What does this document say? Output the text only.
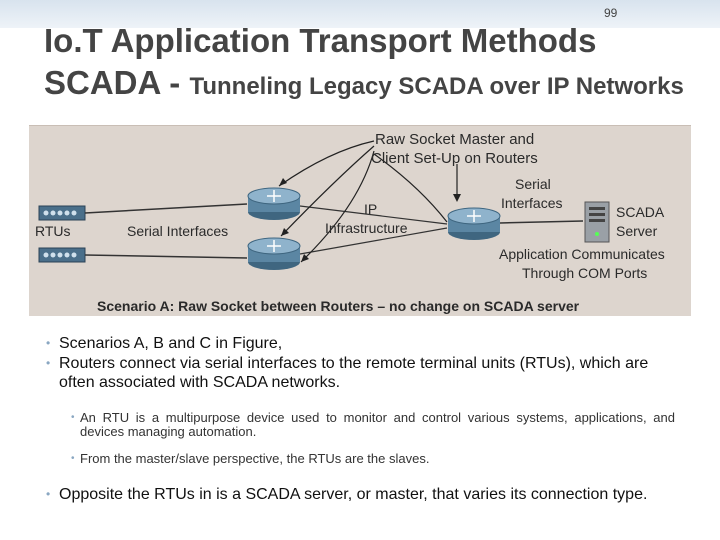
99
Io.T Application Transport Methods
SCADA - Tunneling Legacy SCADA over IP Networks
Raw Socket Master and
Client Set-Up on Routers
Serial
Interfaces
SCADA
Server
IP
Infrastructure
RTUs	Serial Interfaces
Application Communicates
Through COM Ports
Scenario A: Raw Socket between Routers – no change on SCADA server

• Scenarios A, B and C in Figure,

• Routers connect via serial interfaces to the remote terminal units (RTUs), which are often associated with SCADA networks.

• An RTU is a multipurpose device used to monitor and control various systems, applications, and devices managing automation.

• From the master/slave perspective, the RTUs are the slaves.

• Opposite the RTUs in is a SCADA server, or master, that varies its connection type.
